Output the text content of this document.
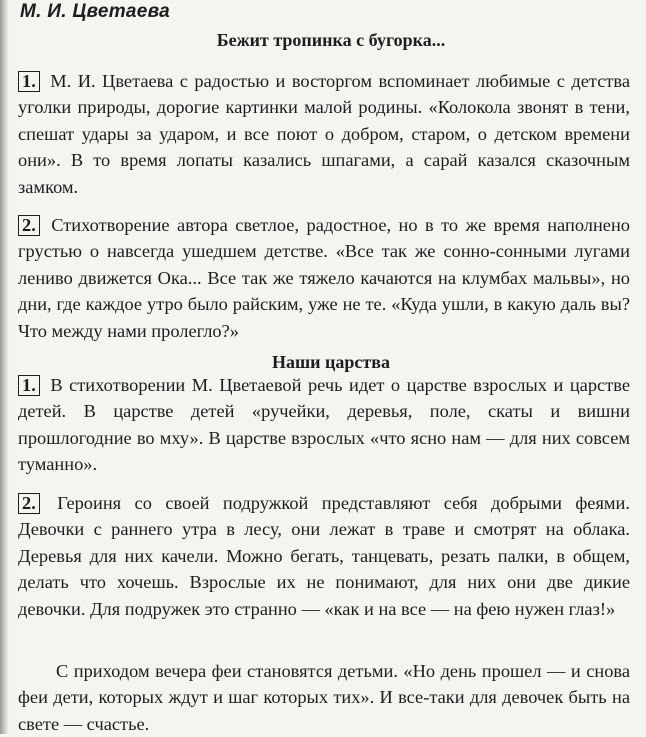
М. И. Цветаева
Бежит тропинка с бугорка...

1. М. И. Цветаева с радостью и восторгом вспоминает любимые с детства уголки природы, дорогие картинки малой родины. «Колокола звонят в тени, спешат удары за ударом, и все поют о добром, старом, о детском времени они». В то время лопаты казались шпагами, а сарай казался сказочным замком.

2. Стихотворение автора светлое, радостное, но в то же время наполнено грустью о навсегда ушедшем детстве. «Все так же сонно-сонными лугами лениво движется Ока... Все так же тяжело качаются на клумбах мальвы», но дни, где каждое утро было райским, уже не те. «Куда ушли, в какую даль вы? Что между нами пролегло?»

Наши царства

1. В стихотворении М. Цветаевой речь идет о царстве взрослых и царстве детей. В царстве детей «ручейки, деревья, поле, скаты и вишни прошлогодние во мху». В царстве взрослых «что ясно нам — для них совсем туманно».

2. Героиня со своей подружкой представляют себя добрыми феями. Девочки с раннего утра в лесу, они лежат в траве и смотрят на облака. Деревья для них качели. Можно бегать, танцевать, резать палки, в общем, делать что хочешь. Взрослые их не понимают, для них они две дикие девочки. Для подружек это странно — «как и на все — на фею нужен глаз!»

С приходом вечера феи становятся детьми. «Но день прошел — и снова феи дети, которых ждут и шаг которых тих». И все-таки для девочек быть на свете — счастье.
